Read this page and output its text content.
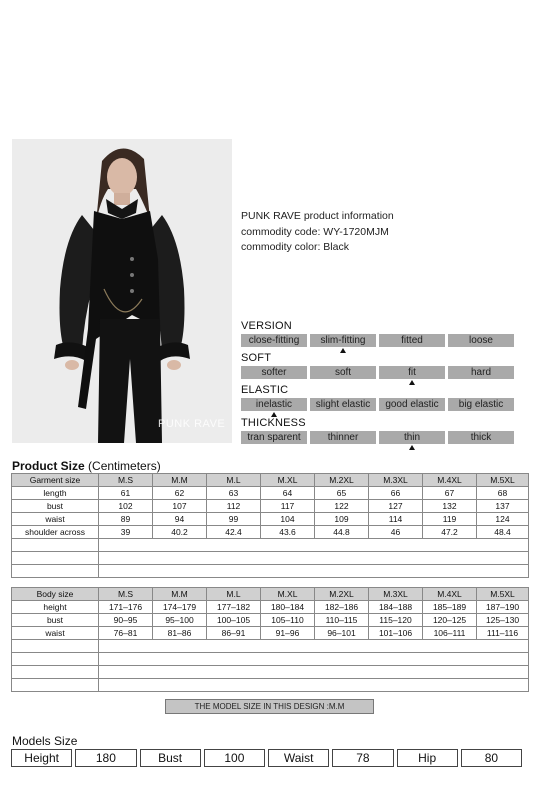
PUNK RAVE
PUNK RAVE product information
commodity code: WY-1720MJM
commodity color: Black
VERSION
close-fitting	slim-fitting	fitted	loose
SOFT
softer	soft	fit	hard
ELASTIC
inelastic	slight elastic	good elastic	big elastic
THICKNESS
tran sparent	thinner	thin	thick
Product Size (Centimeters)
Garment size	M.S	M.M	M.L	M.XL	M.2XL	M.3XL	M.4XL	M.5XL
length	61	62	63	64	65	66	67	68
bust	102	107	112	117	122	127	132	137
waist	89	94	99	104	109	114	119	124
shoulder across	39	40.2	42.4	43.6	44.8	46	47.2	48.4

Body size	M.S	M.M	M.L	M.XL	M.2XL	M.3XL	M.4XL	M.5XL
height	171–176	174–179	177–182	180–184	182–186	184–188	185–189	187–190
bust	90–95	95–100	100–105	105–110	110–115	115–120	120–125	125–130
waist	76–81	81–86	86–91	91–96	96–101	101–106	106–111	111–116

THE MODEL SIZE IN THIS DESIGN :M.M
Models Size
Height	180	Bust	100	Waist	78	Hip	80
